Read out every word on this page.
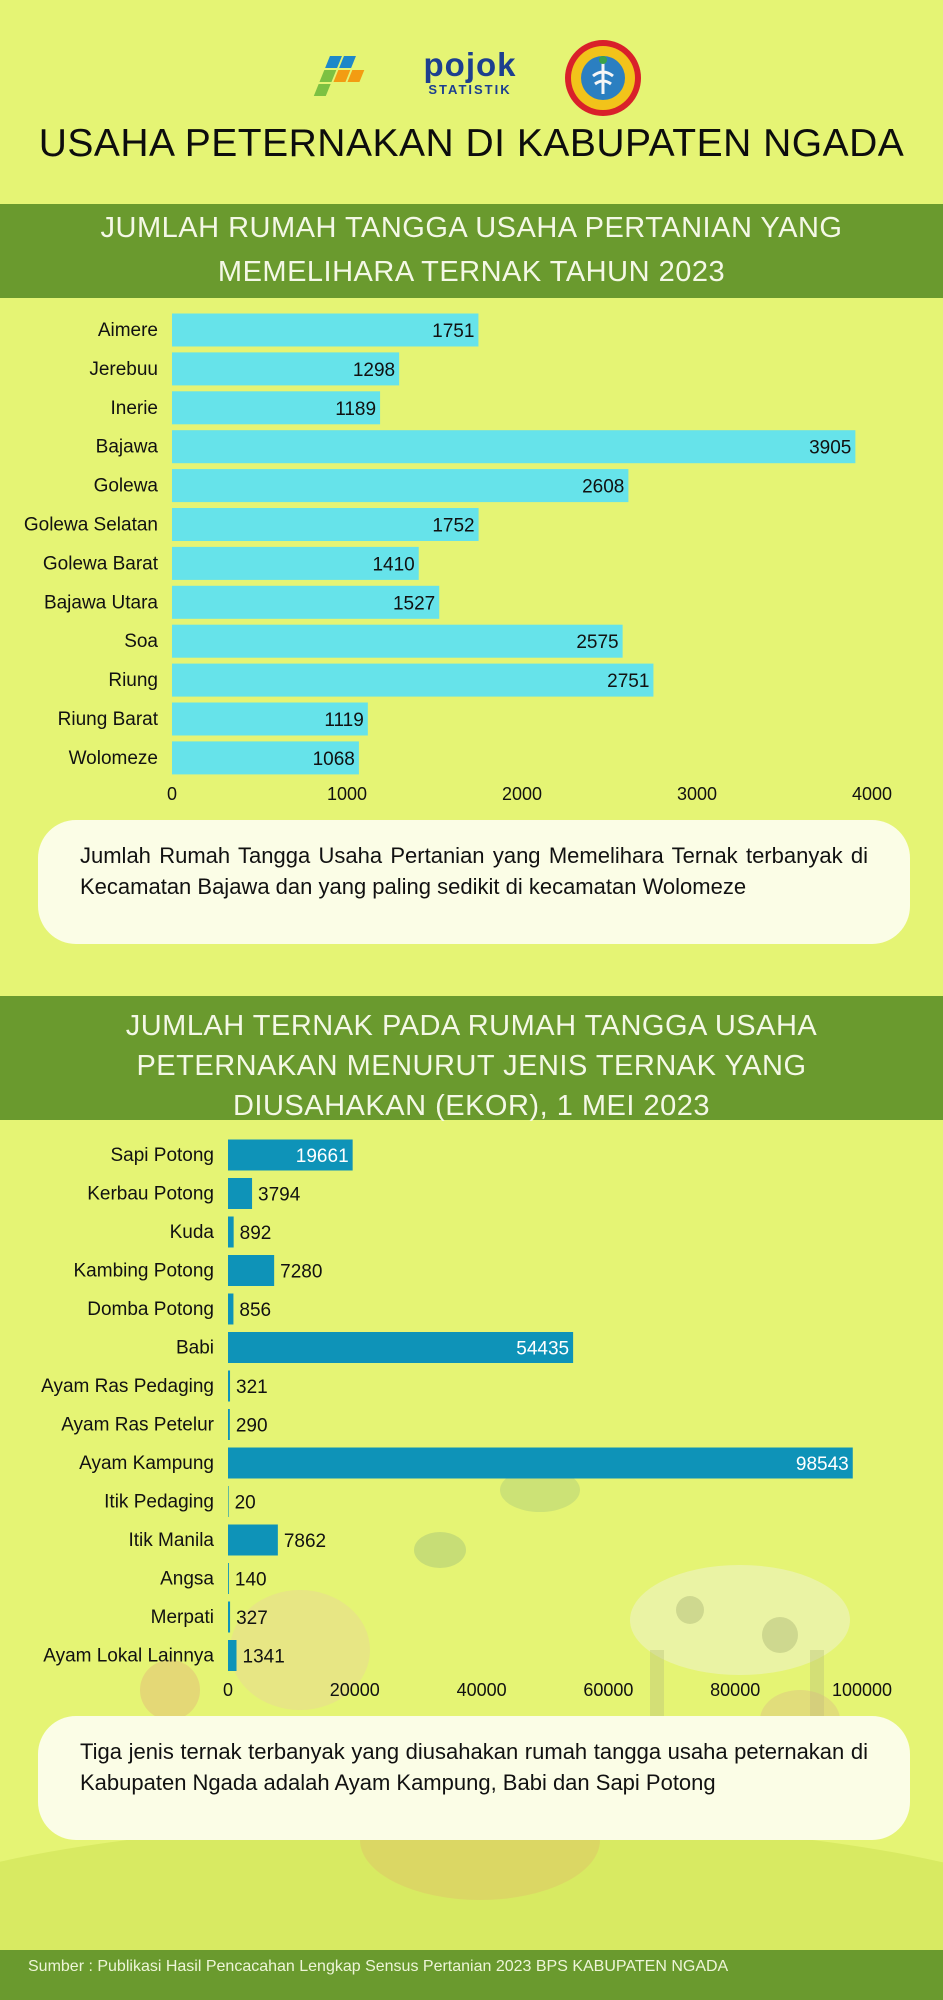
pojok
STATISTIK
USAHA PETERNAKAN DI KABUPATEN NGADA
JUMLAH RUMAH TANGGA USAHA PERTANIAN YANG
MEMELIHARA TERNAK TAHUN 2023
Aimere	1751
Jerebuu	1298
Inerie	1189
Bajawa	3905
Golewa	2608
Golewa Selatan	1752
Golewa Barat	1410
Bajawa Utara	1527
Soa	2575
Riung	2751
Riung Barat	1119
Wolomeze	1068
0	1000	2000	3000	4000
Jumlah Rumah Tangga Usaha Pertanian yang Memelihara Ternak terbanyak di Kecamatan Bajawa dan yang paling sedikit di kecamatan Wolomeze
JUMLAH TERNAK PADA RUMAH TANGGA USAHA
PETERNAKAN MENURUT JENIS TERNAK YANG
DIUSAHAKAN (EKOR), 1 MEI 2023
Sapi Potong	19661
Kerbau Potong 3794
Kuda 892
Kambing Potong	7280
Domba Potong 856
Babi	54435
Ayam Ras Pedaging 321
Ayam Ras Petelur 290
Ayam Kampung	98543
Itik Pedaging 20
Itik Manila	7862
Angsa 140
Merpati 327
Ayam Lokal Lainnya 1341
0	20000	40000	60000	80000	100000
Tiga jenis ternak terbanyak yang diusahakan rumah tangga usaha peternakan di Kabupaten Ngada adalah Ayam Kampung, Babi dan Sapi Potong
Sumber : Publikasi Hasil Pencacahan Lengkap Sensus Pertanian 2023 BPS KABUPATEN NGADA
